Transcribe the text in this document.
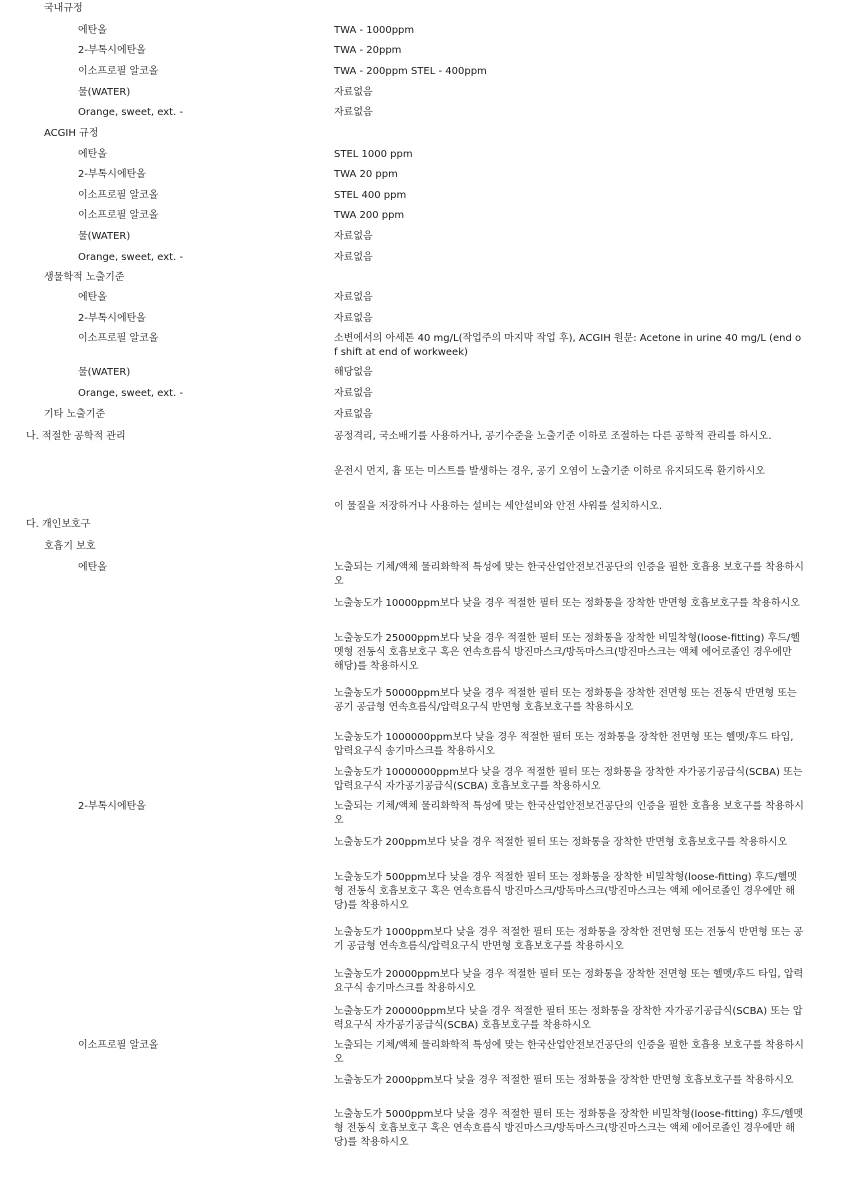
국내규정
에탄올	TWA - 1000ppm
2-부톡시에탄올	TWA - 20ppm
이소프로필 알코올	TWA - 200ppm STEL - 400ppm
물(WATER)	자료없음
Orange, sweet, ext. -	자료없음
ACGIH 규정
에탄올	STEL 1000 ppm
2-부톡시에탄올	TWA 20 ppm
이소프로필 알코올	STEL 400 ppm
이소프로필 알코올	TWA 200 ppm
물(WATER)	자료없음
Orange, sweet, ext. -	자료없음
생물학적 노출기준
에탄올	자료없음
2-부톡시에탄올	자료없음
이소프로필 알코올	소변에서의 아세톤 40 mg/L(작업주의 마지막 작업 후), ACGIH 원문: Acetone in urine 40 mg/L (end of shift at end of workweek)
물(WATER)	해당없음
Orange, sweet, ext. -	자료없음
기타 노출기준	자료없음
나. 적절한 공학적 관리	공정격리, 국소배기를 사용하거나, 공기수준을 노출기준 이하로 조절하는 다른 공학적 관리를 하시오.
운전시 먼지, 흄 또는 미스트를 발생하는 경우, 공기 오염이 노출기준 이하로 유지되도록 환기하시오
이 물질을 저장하거나 사용하는 설비는 세안설비와 안전 샤워를 설치하시오.
다. 개인보호구
호흡기 보호
에탄올	노출되는 기체/액체 물리화학적 특성에 맞는 한국산업안전보건공단의 인증을 필한 호흡용 보호구를 착용하시오
노출농도가 10000ppm보다 낮을 경우 적절한 필터 또는 정화통을 장착한 반면형 호흡보호구를 착용하시오
노출농도가 25000ppm보다 낮을 경우 적절한 필터 또는 정화통을 장착한 비밀착형(loose-fitting) 후드/헬멧형 전동식 호흡보호구 혹은 연속흐름식 방진마스크/방독마스크(방진마스크는 액체 에어로졸인 경우에만 해당)를 착용하시오
노출농도가 50000ppm보다 낮을 경우 적절한 필터 또는 정화통을 장착한 전면형 또는 전동식 반면형 또는 공기 공급형 연속흐름식/압력요구식 반면형 호흡보호구를 착용하시오
노출농도가 1000000ppm보다 낮을 경우 적절한 필터 또는 정화통을 장착한 전면형 또는 헬멧/후드 타입, 압력요구식 송기마스크를 착용하시오
노출농도가 10000000ppm보다 낮을 경우 적절한 필터 또는 정화통을 장착한 자가공기공급식(SCBA) 또는 압력요구식 자가공기공급식(SCBA) 호흡보호구를 착용하시오
2-부톡시에탄올	노출되는 기체/액체 물리화학적 특성에 맞는 한국산업안전보건공단의 인증을 필한 호흡용 보호구를 착용하시오
노출농도가 200ppm보다 낮을 경우 적절한 필터 또는 정화통을 장착한 반면형 호흡보호구를 착용하시오
노출농도가 500ppm보다 낮을 경우 적절한 필터 또는 정화통을 장착한 비밀착형(loose-fitting) 후드/헬멧형 전동식 호흡보호구 혹은 연속흐름식 방진마스크/방독마스크(방진마스크는 액체 에어로졸인 경우에만 해당)를 착용하시오
노출농도가 1000ppm보다 낮을 경우 적절한 필터 또는 정화통을 장착한 전면형 또는 전동식 반면형 또는 공기 공급형 연속흐름식/압력요구식 반면형 호흡보호구를 착용하시오
노출농도가 20000ppm보다 낮을 경우 적절한 필터 또는 정화통을 장착한 전면형 또는 헬멧/후드 타입, 압력요구식 송기마스크를 착용하시오
노출농도가 200000ppm보다 낮을 경우 적절한 필터 또는 정화통을 장착한 자가공기공급식(SCBA) 또는 압력요구식 자가공기공급식(SCBA) 호흡보호구를 착용하시오
이소프로필 알코올	노출되는 기체/액체 물리화학적 특성에 맞는 한국산업안전보건공단의 인증을 필한 호흡용 보호구를 착용하시오
노출농도가 2000ppm보다 낮을 경우 적절한 필터 또는 정화통을 장착한 반면형 호흡보호구를 착용하시오
노출농도가 5000ppm보다 낮을 경우 적절한 필터 또는 정화통을 장착한 비밀착형(loose-fitting) 후드/헬멧형 전동식 호흡보호구 혹은 연속흐름식 방진마스크/방독마스크(방진마스크는 액체 에어로졸인 경우에만 해당)를 착용하시오
